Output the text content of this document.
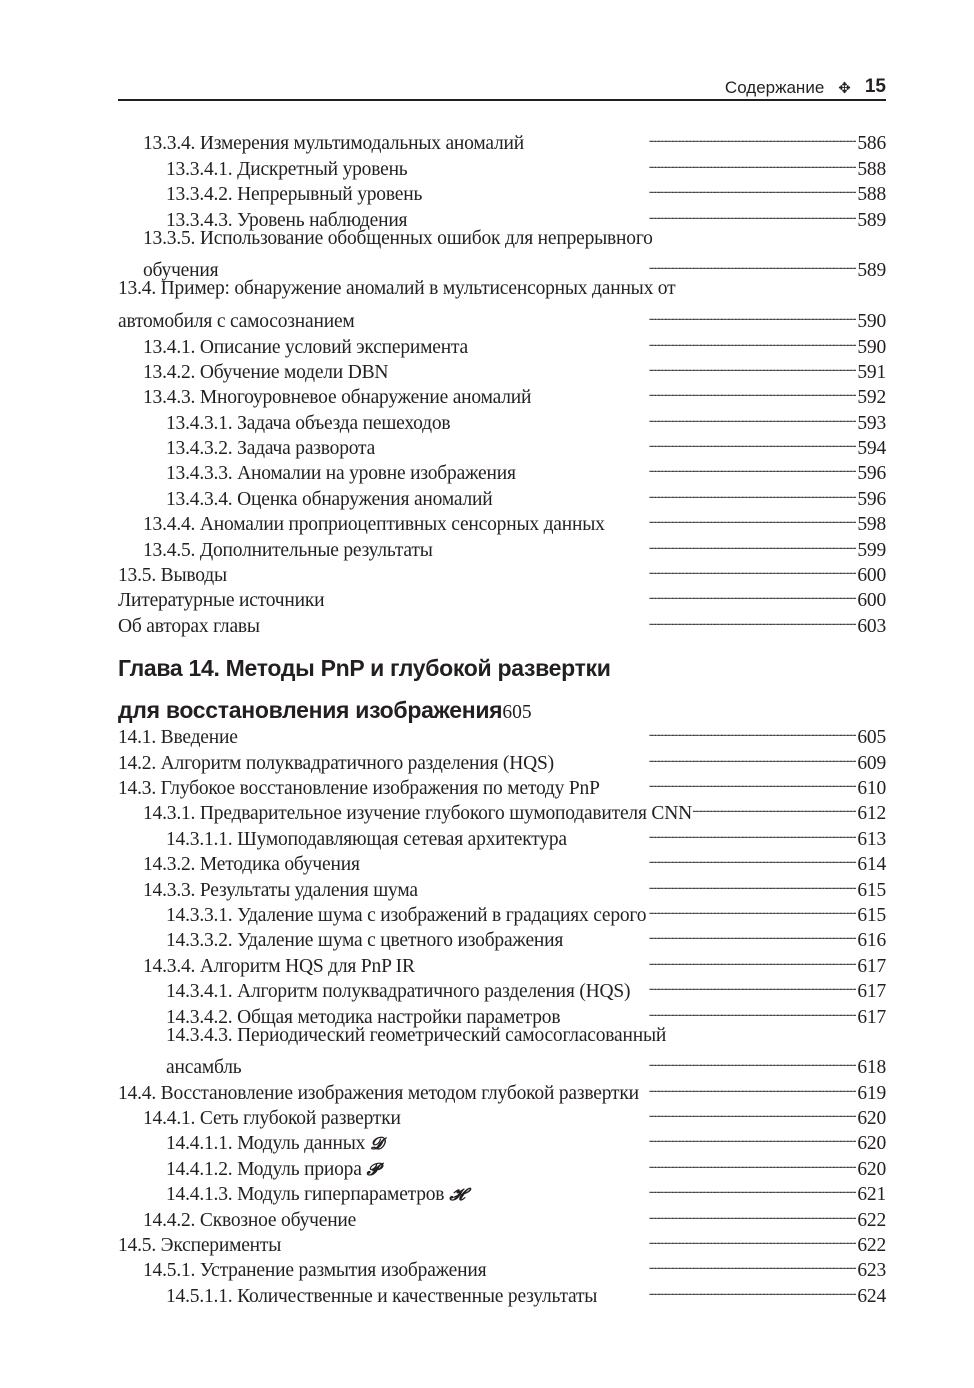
Содержание ✥ 15
13.3.4. Измерения мультимодальных аномалий . . .	586
13.3.4.1. Дискретный уровень . . .	588
13.3.4.2. Непрерывный уровень . . .	588
13.3.4.3. Уровень наблюдения . . .	589
13.3.5. Использование обобщенных ошибок для непрерывного
обучения . . .	589
13.4. Пример: обнаружение аномалий в мультисенсорных данных от
автомобиля с самосознанием . . .	590
13.4.1. Описание условий эксперимента . . .	590
13.4.2. Обучение модели DBN . . .	591
13.4.3. Многоуровневое обнаружение аномалий . . .	592
13.4.3.1. Задача объезда пешеходов . . .	593
13.4.3.2. Задача разворота . . .	594
13.4.3.3. Аномалии на уровне изображения . . .	596
13.4.3.4. Оценка обнаружения аномалий . . .	596
13.4.4. Аномалии проприоцептивных сенсорных данных . . .	598
13.4.5. Дополнительные результаты . . .	599
13.5. Выводы . . .	600
Литературные источники . . .	600
Об авторах главы . . .	603
Глава 14. Методы PnP и глубокой развертки
для восстановления изображения 605
14.1. Введение . . .	605
14.2. Алгоритм полуквадратичного разделения (HQS) . . .	609
14.3. Глубокое восстановление изображения по методу PnP . . .	610
14.3.1. Предварительное изучение глубокого шумоподавителя CNN . . .	612
14.3.1.1. Шумоподавляющая сетевая архитектура . . .	613
14.3.2. Методика обучения . . .	614
14.3.3. Результаты удаления шума . . .	615
14.3.3.1. Удаление шума с изображений в градациях серого . . .	615
14.3.3.2. Удаление шума с цветного изображения . . .	616
14.3.4. Алгоритм HQS для PnP IR . . .	617
14.3.4.1. Алгоритм полуквадратичного разделения (HQS) . . .	617
14.3.4.2. Общая методика настройки параметров . . .	617
14.3.4.3. Периодический геометрический самосогласованный
ансамбль . . .	618
14.4. Восстановление изображения методом глубокой развертки . . .	619
14.4.1. Сеть глубокой развертки . . .	620
14.4.1.1. Модуль данных 𝓓 . . .	620
14.4.1.2. Модуль приора 𝓟 . . .	620
14.4.1.3. Модуль гиперпараметров 𝓗 . . .	621
14.4.2. Сквозное обучение . . .	622
14.5. Эксперименты . . .	622
14.5.1. Устранение размытия изображения . . .	623
14.5.1.1. Количественные и качественные результаты . . .	624
